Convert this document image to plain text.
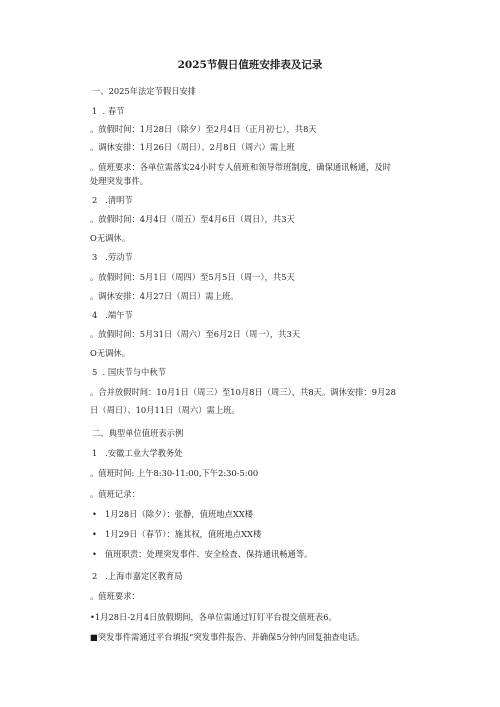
2025节假日值班安排表及记录
一、2025年法定节假日安排
1  . 春节
。放假时间：1月28日（除夕）至2月4日（正月初七），共8天
。调休安排：1月26日（周日）、2月8日（周六）需上班
。值班要求：各单位需落实24小时专人值班和领导带班制度，确保通讯畅通，及时
处理突发事件。
2   .清明节
。放假时间：4月4日（周五）至4月6日（周日），共3天
O无调休。
3   .劳动节
。放假时间：5月1日（周四）至5月5日（周一），共5天
。调休安排：4月27日（周日）需上班。
4   .端午节
。放假时间：5月31日（周六）至6月2日（周一），共3天
O无调休。
5  . 国庆节与中秋节
。合并放假时间：10月1日（周三）至10月8日（周三），共8天。调休安排：9月28
日（周日）、10月11日（周六）需上班。
二、典型单位值班表示例
1   .安徽工业大学教务处
。值班时间: 上午8:30-11:00,下午2:30-5:00
。值班记录：
• 1月28日（除夕）：张静，值班地点XX楼
• 1月29日（春节）：施其权，值班地点XX楼
• 值班职责：处理突发事件、安全检查、保持通讯畅通等。
2   .上海市嘉定区教育局
。值班要求：
•1月28日-2月4日放假期间，各单位需通过钉钉平台提交值班表6。
■突发事件需通过平台填报“突发事件报告、并确保5分钟内回复抽查电话。
